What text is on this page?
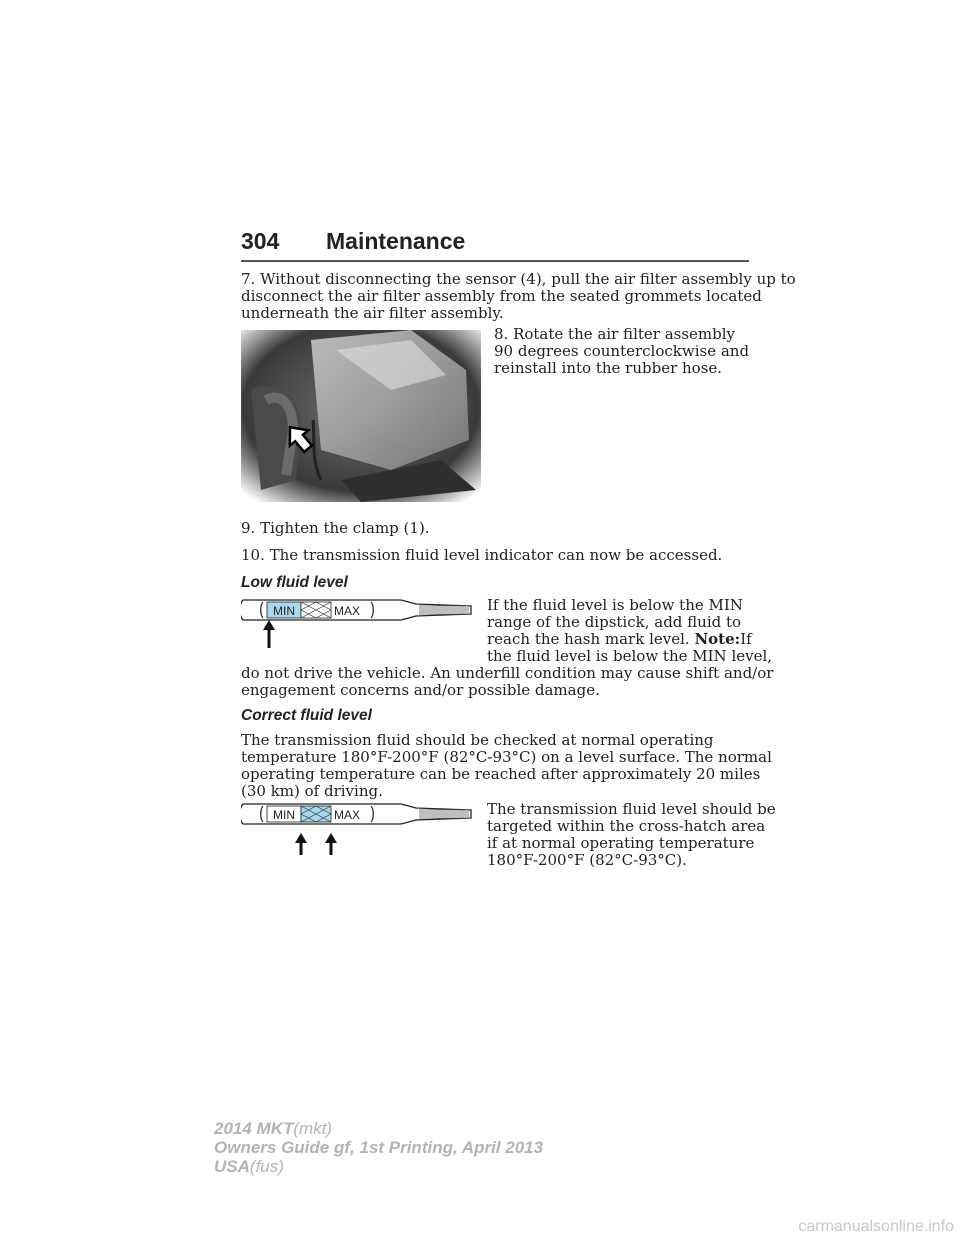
304 Maintenance
7. Without disconnecting the sensor (4), pull the air filter assembly up to
disconnect the air filter assembly from the seated grommets located
underneath the air filter assembly.
8. Rotate the air filter assembly
90 degrees counterclockwise and
reinstall into the rubber hose.
9. Tighten the clamp (1).
10. The transmission fluid level indicator can now be accessed.
Low fluid level
MIN	MAX	If the fluid level is below the MIN
range of the dipstick, add fluid to
reach the hash mark level. Note:If
the fluid level is below the MIN level,
do not drive the vehicle. An underfill condition may cause shift and/or
engagement concerns and/or possible damage.
Correct fluid level
The transmission fluid should be checked at normal operating
temperature 180°F-200°F (82°C-93°C) on a level surface. The normal
operating temperature can be reached after approximately 20 miles
(30 km) of driving.
MIN	MAX	The transmission fluid level should be
targeted within the cross-hatch area
if at normal operating temperature
180°F-200°F (82°C-93°C).
2014 MKT(mkt)
Owners Guide gf, 1st Printing, April 2013
USA(fus)
carmanualsonline.info
